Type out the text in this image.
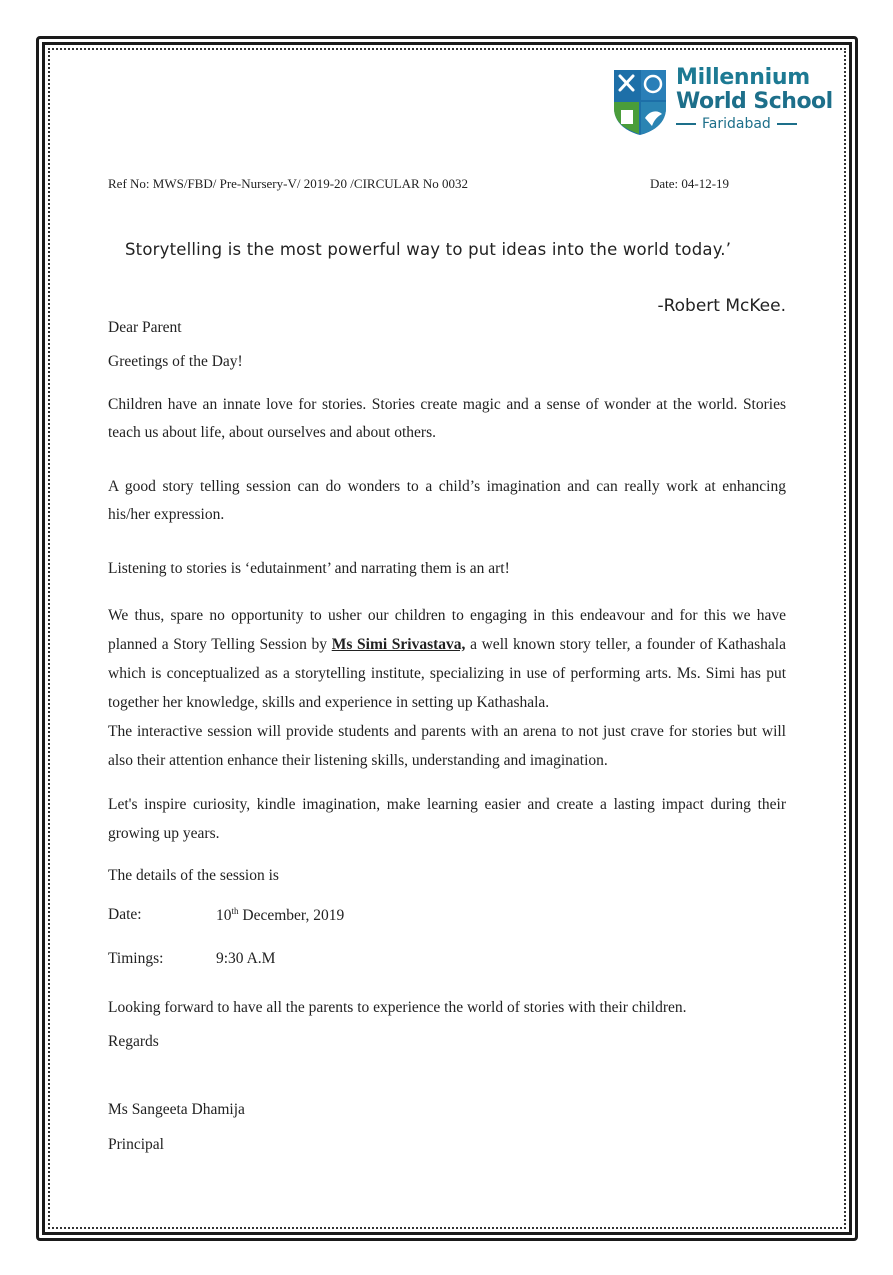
Millennium
World School
Faridabad
Ref No: MWS/FBD/ Pre-Nursery-V/ 2019-20 /CIRCULAR No 0032	Date: 04-12-19
Storytelling is the most powerful way to put ideas into the world today.’
-Robert McKee.
Dear Parent
Greetings of the Day!
Children have an innate love for stories. Stories create magic and a sense of wonder at the world. Stories teach us about life, about ourselves and about others.
A good story telling session can do wonders to a child’s imagination and can really work at enhancing his/her expression.
Listening to stories is ‘edutainment’ and narrating them is an art!
We thus, spare no opportunity to usher our children to engaging in this endeavour and for this we have planned a Story Telling Session by Ms Simi Srivastava, a well known story teller, a founder of Kathashala which is conceptualized as a storytelling institute, specializing in use of performing arts. Ms. Simi has put together her knowledge, skills and experience in setting up Kathashala.
The interactive session will provide students and parents with an arena to not just crave for stories but will also their attention enhance their listening skills, understanding and imagination.
Let's inspire curiosity, kindle imagination, make learning easier and create a lasting impact during their growing up years.
The details of the session is
Date:	10th December, 2019
Timings:	9:30 A.M
Looking forward to have all the parents to experience the world of stories with their children.
Regards
Ms Sangeeta Dhamija
Principal
